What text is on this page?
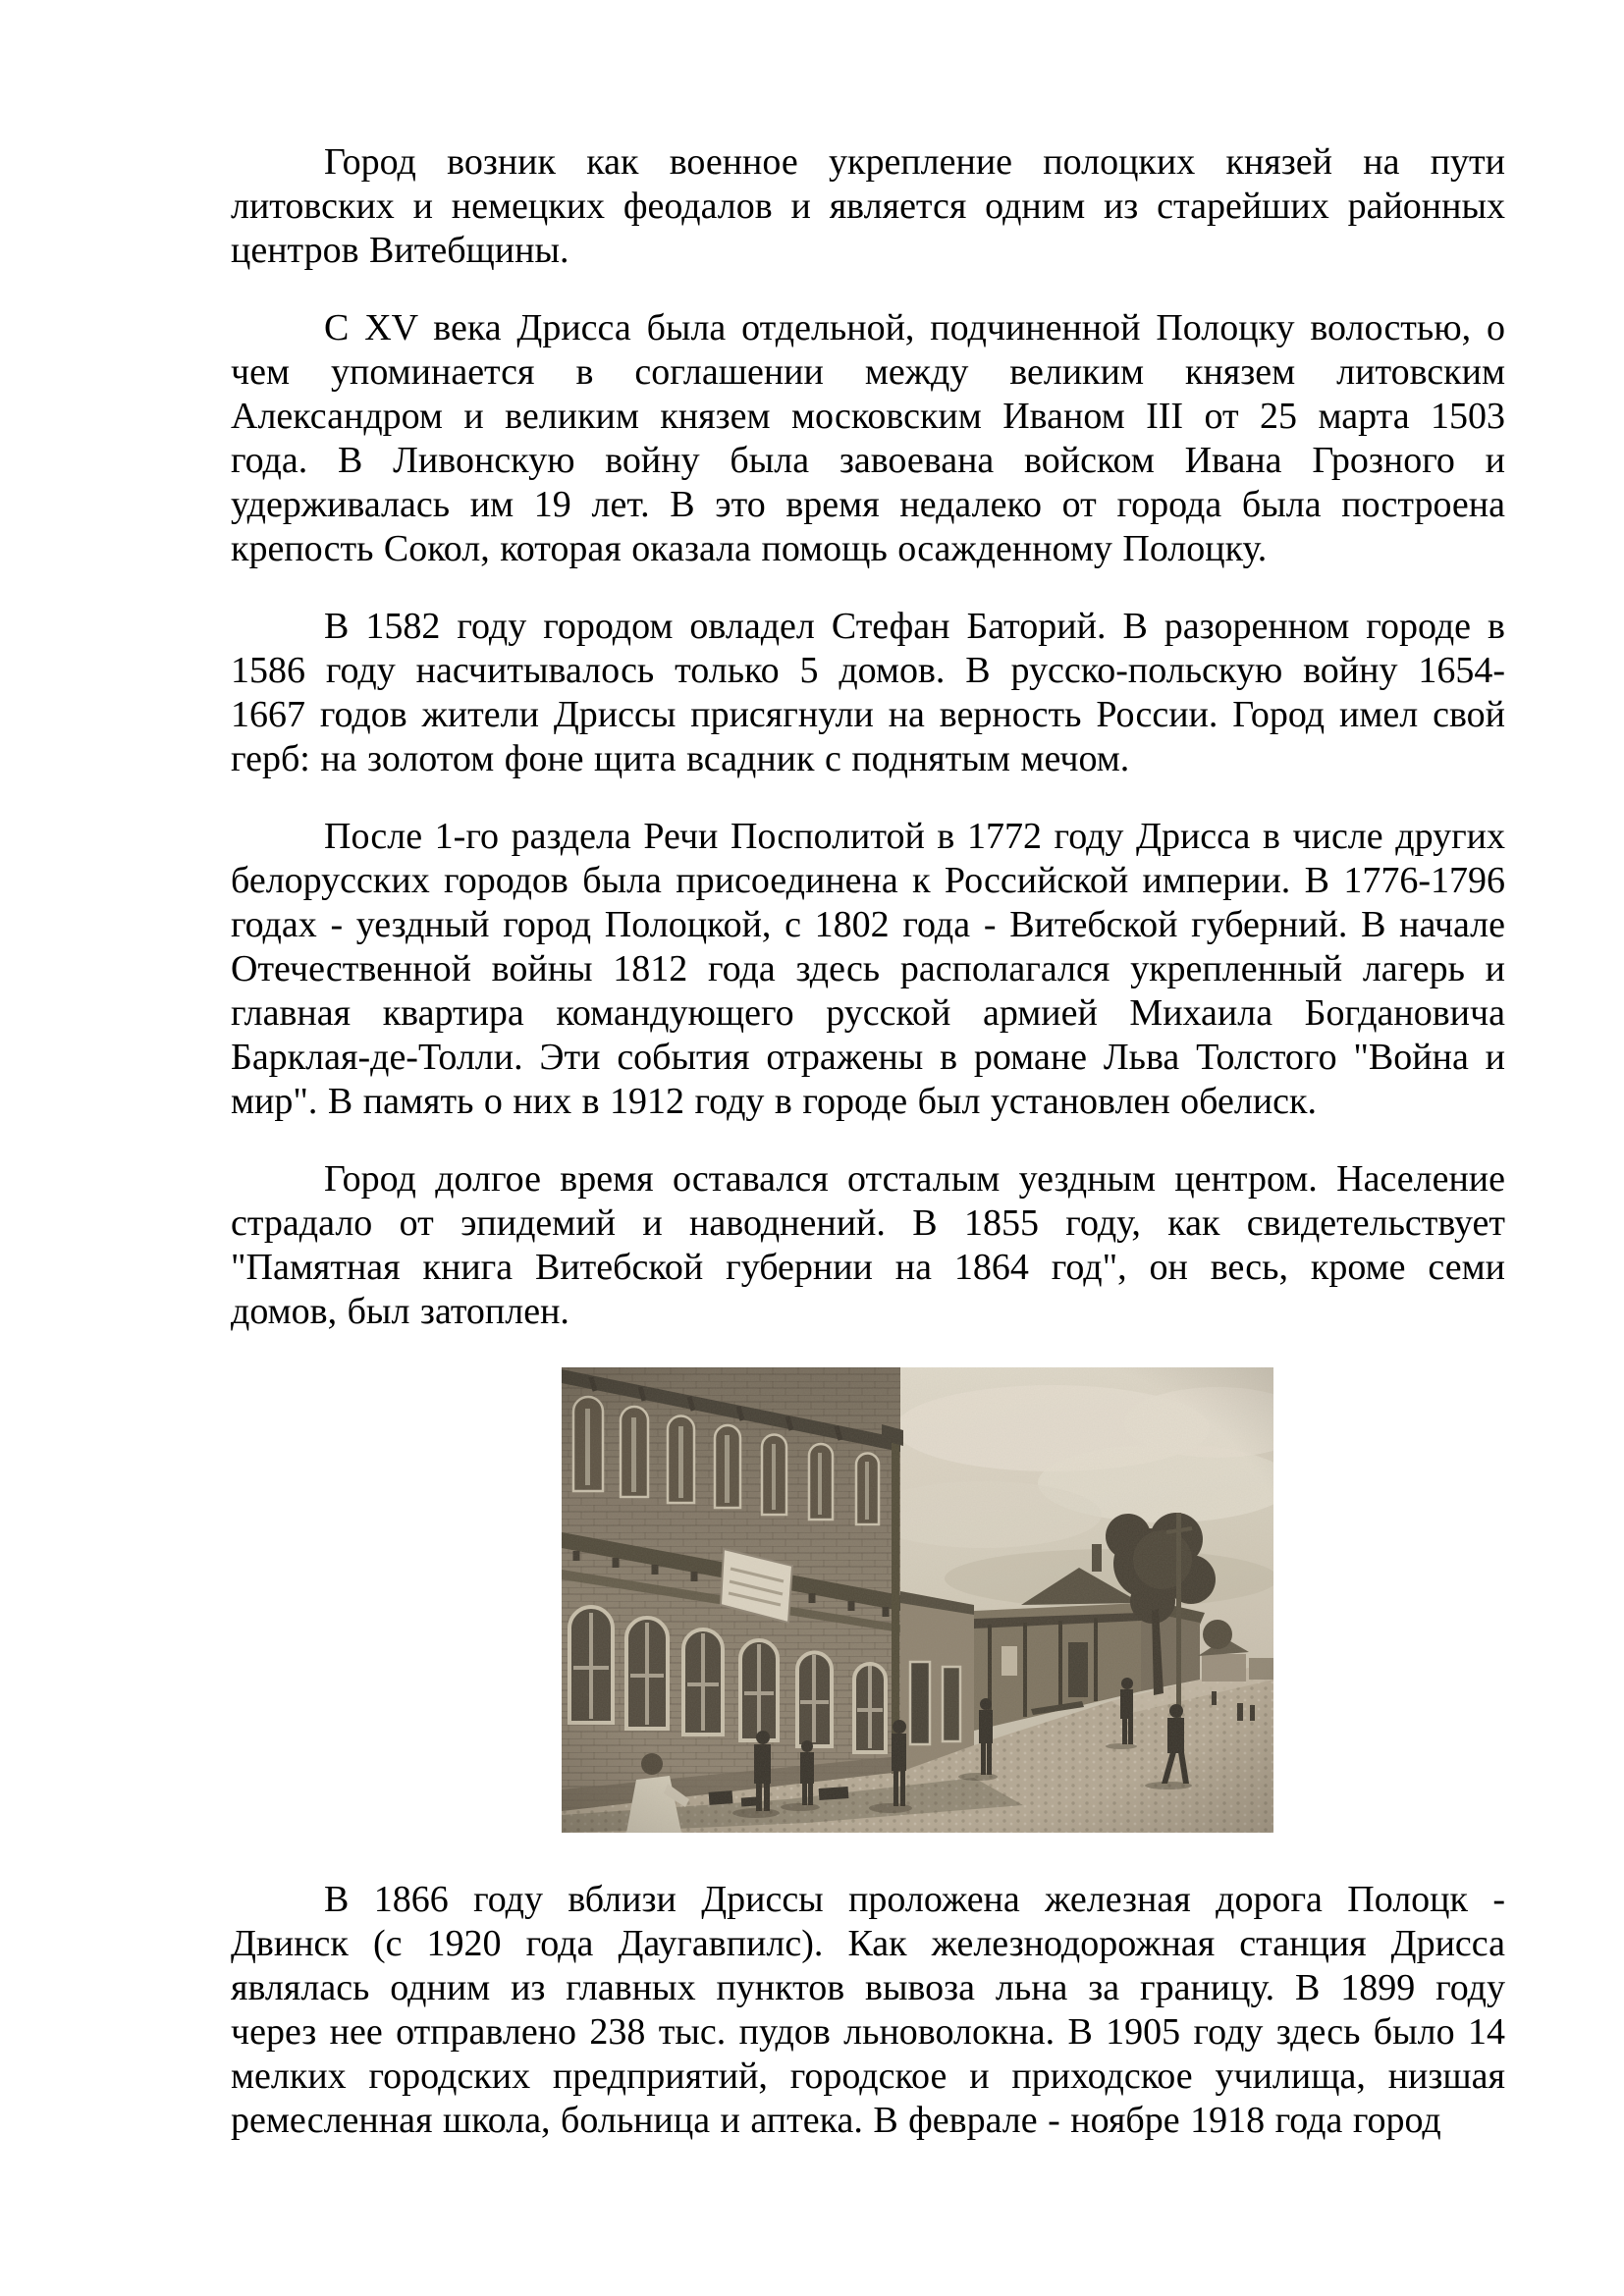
Город возник как военное укрепление полоцких князей на пути
литовских и немецких феодалов и является одним из старейших районных
центров Витебщины.

С XV века Дрисса была отдельной, подчиненной Полоцку волостью, о
чем упоминается в соглашении между великим князем литовским
Александром и великим князем московским Иваном III от 25 марта 1503
года. В Ливонскую войну была завоевана войском Ивана Грозного и
удерживалась им 19 лет. В это время недалеко от города была построена
крепость Сокол, которая оказала помощь осажденному Полоцку.

В 1582 году городом овладел Стефан Баторий. В разоренном городе в
1586 году насчитывалось только 5 домов. В русско-польскую войну 1654-
1667 годов жители Дриссы присягнули на верность России. Город имел свой
герб: на золотом фоне щита всадник с поднятым мечом.

После 1-го раздела Речи Посполитой в 1772 году Дрисса в числе других
белорусских городов была присоединена к Российской империи. В 1776-1796
годах - уездный город Полоцкой, с 1802 года - Витебской губерний. В начале
Отечественной войны 1812 года здесь располагался укрепленный лагерь и
главная квартира командующего русской армией Михаила Богдановича
Барклая-де-Толли. Эти события отражены в романе Льва Толстого "Война и
мир". В память о них в 1912 году в городе был установлен обелиск.

Город долгое время оставался отсталым уездным центром. Население
страдало от эпидемий и наводнений. В 1855 году, как свидетельствует
"Памятная книга Витебской губернии на 1864 год", он весь, кроме семи
домов, был затоплен.

В 1866 году вблизи Дриссы проложена железная дорога Полоцк -
Двинск (с 1920 года Даугавпилс). Как железнодорожная станция Дрисса
являлась одним из главных пунктов вывоза льна за границу. В 1899 году
через нее отправлено 238 тыс. пудов льноволокна. В 1905 году здесь было 14
мелких городских предприятий, городское и приходское училища, низшая
ремесленная школа, больница и аптека. В феврале - ноябре 1918 года город
